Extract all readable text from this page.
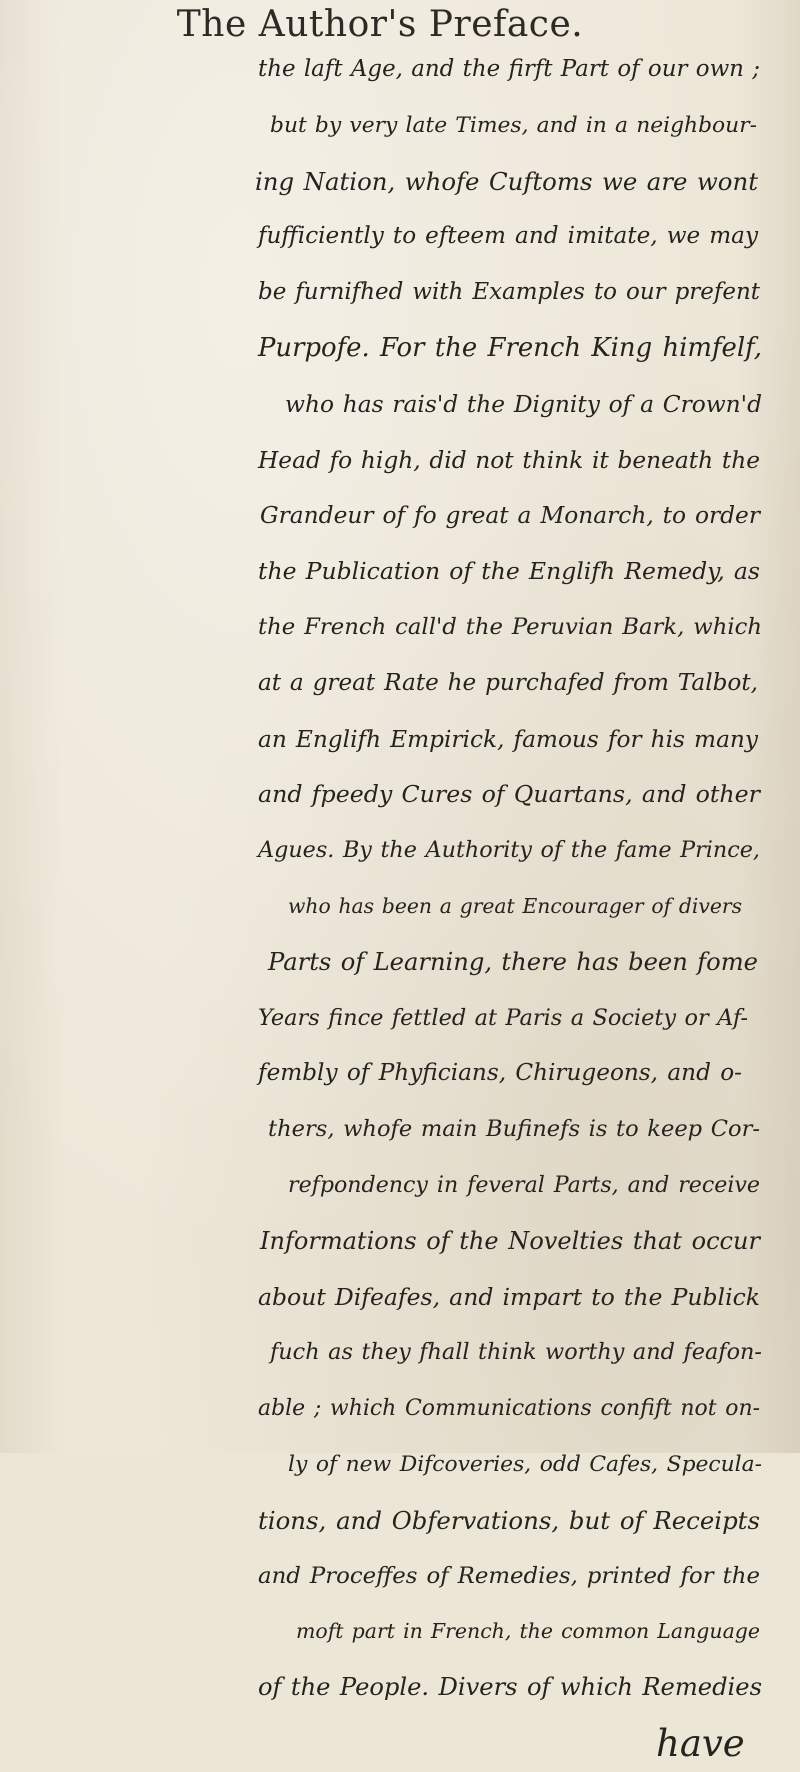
The Author's Preface.
the laft Age, and the firft Part of our own ;
but by very late Times, and in a neighbour-
ing Nation, whofe Cuftoms we are wont
fufficiently to efteem and imitate, we may
be furnifhed with Examples to our prefent
Purpofe. For the French King himfelf,
who has rais'd the Dignity of a Crown'd
Head fo high, did not think it beneath the
Grandeur of fo great a Monarch, to order
the Publication of the Englifh Remedy, as
the French call'd the Peruvian Bark, which
at a great Rate he purchafed from Talbot,
an Englifh Empirick, famous for his many
and fpeedy Cures of Quartans, and other
Agues. By the Authority of the fame Prince,
who has been a great Encourager of divers
Parts of Learning, there has been fome
Years fince fettled at Paris a Society or Af-
fembly of Phyficians, Chirugeons, and o-
thers, whofe main Bufinefs is to keep Cor-
refpondency in feveral Parts, and receive
Informations of the Novelties that occur
about Difeafes, and impart to the Publick
fuch as they fhall think worthy and feafon-
able ; which Communications confift not on-
ly of new Difcoveries, odd Cafes, Specula-
tions, and Obfervations, but of Receipts
and Proceffes of Remedies, printed for the
moft part in French, the common Language
of the People. Divers of which Remedies
have
